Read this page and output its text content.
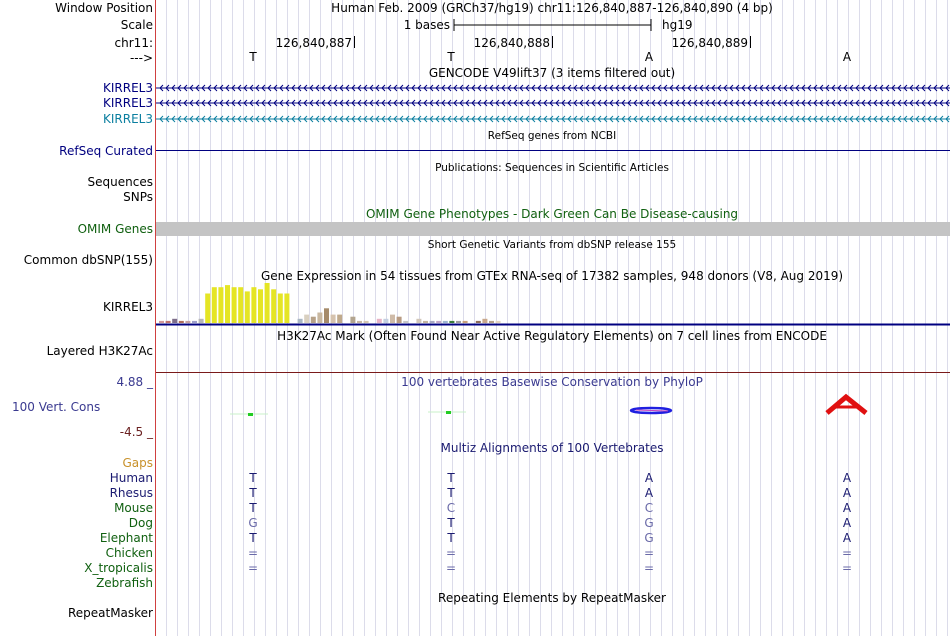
Window Position	Human Feb. 2009 (GRCh37/hg19) chr11:126,840,887-126,840,890 (4 bp)
Scale	1 bases	hg19
chr11:	126,840,887	126,840,888	126,840,889
--->	T	T	A	A
GENCODE V49lift37 (3 items filtered out)
KIRREL3
KIRREL3
KIRREL3
RefSeq genes from NCBI
RefSeq Curated
Publications: Sequences in Scientific Articles
Sequences
SNPs
OMIM Gene Phenotypes - Dark Green Can Be Disease-causing
OMIM Genes
Short Genetic Variants from dbSNP release 155
Common dbSNP(155)
Gene Expression in 54 tissues from GTEx RNA-seq of 17382 samples, 948 donors (V8, Aug 2019)
KIRREL3
H3K27Ac Mark (Often Found Near Active Regulatory Elements) on 7 cell lines from ENCODE
Layered H3K27Ac
100 vertebrates Basewise Conservation by PhyloP
4.88 _
100 Vert. Cons
-4.5 _
Multiz Alignments of 100 Vertebrates
Gaps
Human	T	T	A	A
Rhesus	T	T	A	A
Mouse	T	C	C	A
Dog	G	T	G	A
Elephant	T	T	G	A
Chicken	=	=	=	=
X_tropicalis	=	=	=	=
Zebrafish
Repeating Elements by RepeatMasker
RepeatMasker
